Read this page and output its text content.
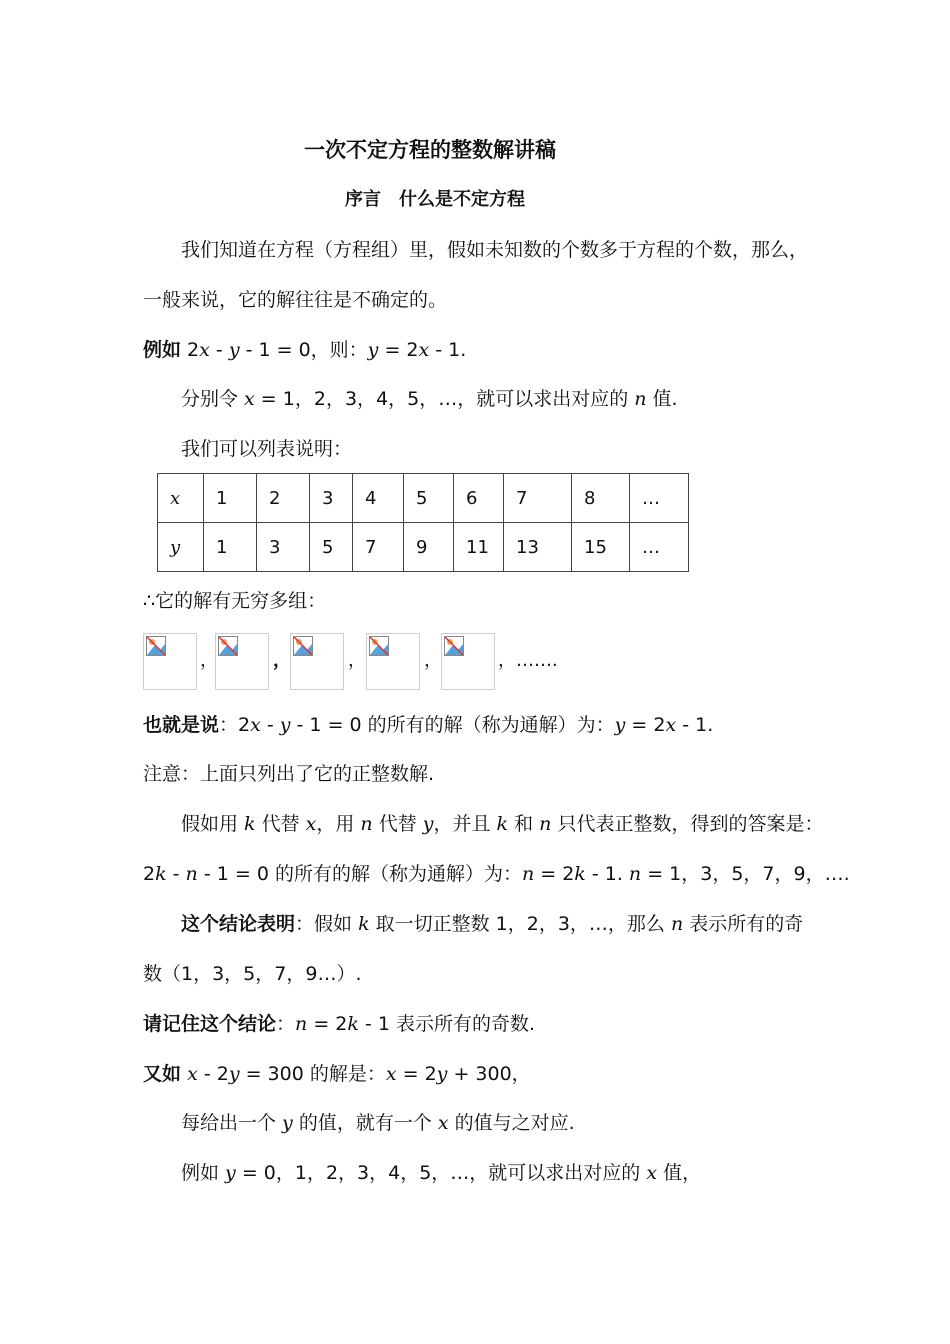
一次不定方程的整数解讲稿
序言　什么是不定方程
我们知道在方程（方程组）里，假如未知数的个数多于方程的个数，那么，
一般来说，它的解往往是不确定的。
例如 2x - y - 1 = 0，则：y = 2x - 1.
分别令 x = 1，2，3，4，5，…，就可以求出对应的 n 值.
我们可以列表说明：
x	1	2	3	4	5	6	7	8	…
y	1	3	5	7	9	11	13	15	…
∴它的解有无穷多组：
，	，	，	，	，…….
也就是说：2x - y - 1 = 0 的所有的解（称为通解）为：y = 2x - 1.
注意：上面只列出了它的正整数解.
假如用 k 代替 x，用 n 代替 y，并且 k 和 n 只代表正整数，得到的答案是：
2k - n - 1 = 0 的所有的解（称为通解）为：n = 2k - 1. n = 1，3，5，7，9，….
这个结论表明：假如 k 取一切正整数 1，2，3，…，那么 n 表示所有的奇
数（1，3，5，7，9…）.
请记住这个结论：n = 2k - 1 表示所有的奇数.
又如 x - 2y = 300 的解是：x = 2y + 300，
每给出一个 y 的值，就有一个 x 的值与之对应.
例如 y = 0，1，2，3，4，5，…，就可以求出对应的 x 值，
